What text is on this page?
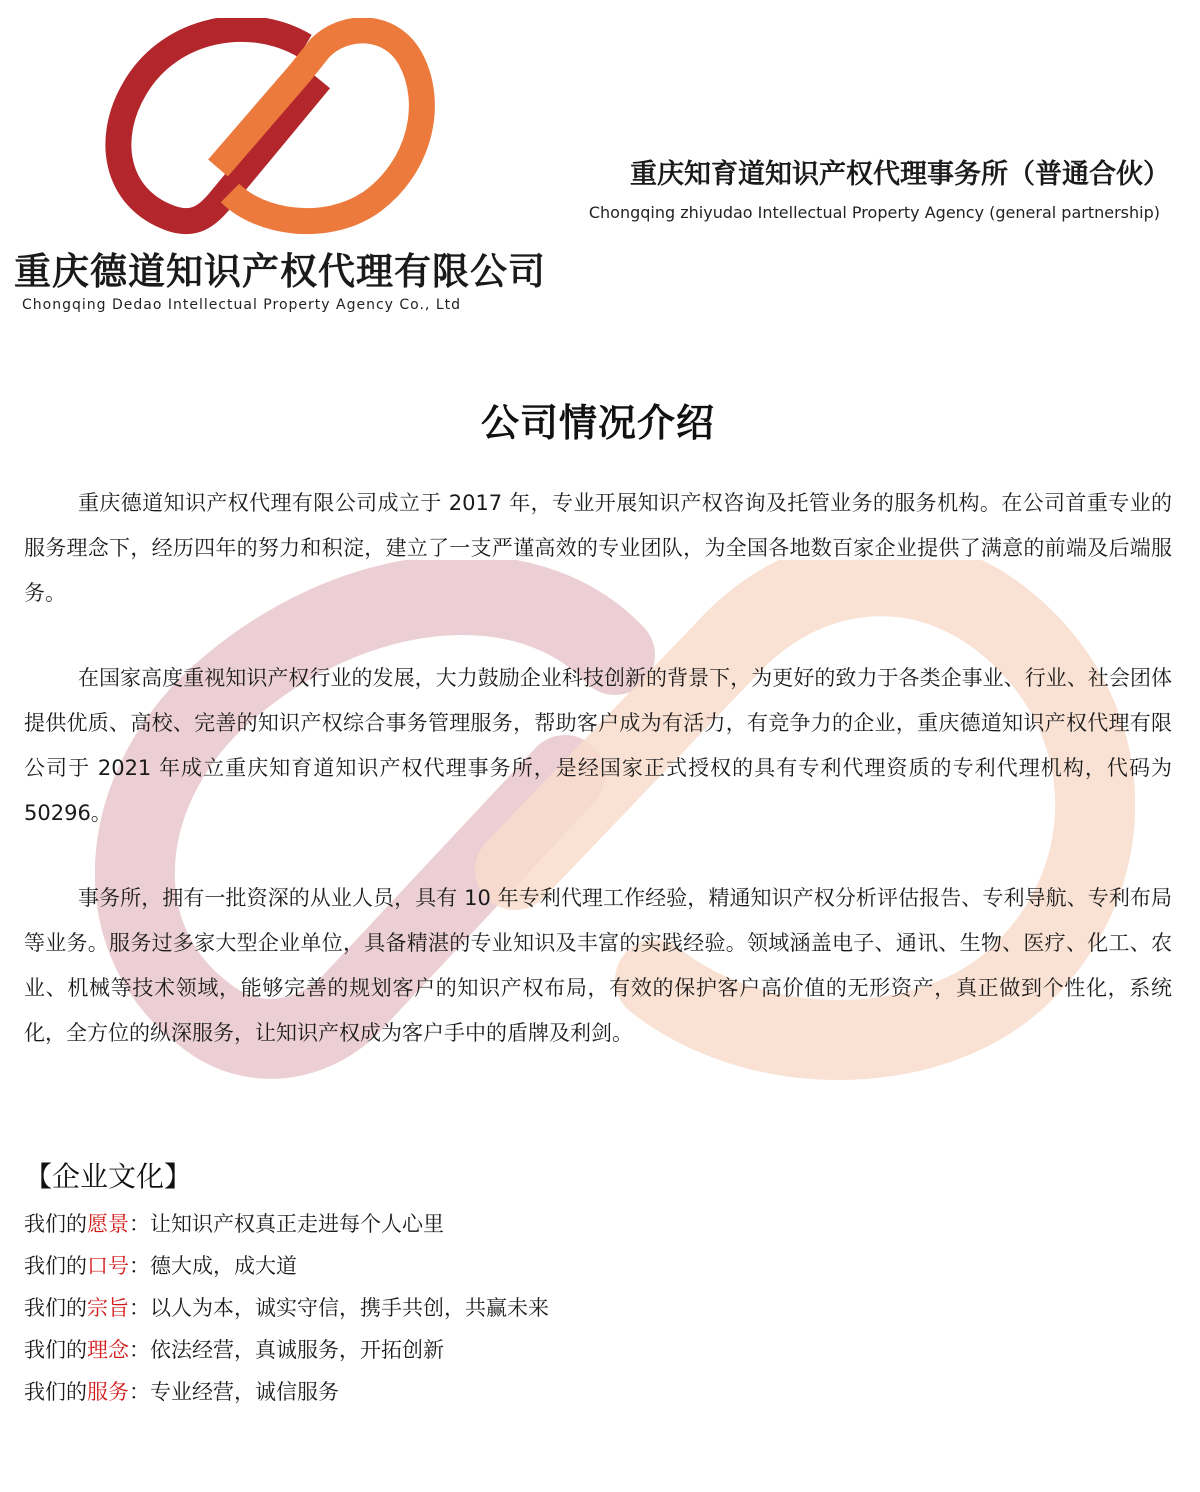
重庆德道知识产权代理有限公司
Chongqing Dedao Intellectual Property Agency Co., Ltd
重庆知育道知识产权代理事务所（普通合伙）
Chongqing zhiyudao Intellectual Property Agency (general partnership)
公司情况介绍

重庆德道知识产权代理有限公司成立于 2017 年，专业开展知识产权咨询及托管业务的服务机构。在公司首重专业的服务理念下，经历四年的努力和积淀，建立了一支严谨高效的专业团队，为全国各地数百家企业提供了满意的前端及后端服务。

在国家高度重视知识产权行业的发展，大力鼓励企业科技创新的背景下，为更好的致力于各类企事业、行业、社会团体提供优质、高校、完善的知识产权综合事务管理服务，帮助客户成为有活力，有竞争力的企业，重庆德道知识产权代理有限公司于 2021 年成立重庆知育道知识产权代理事务所，是经国家正式授权的具有专利代理资质的专利代理机构，代码为 50296。

事务所，拥有一批资深的从业人员，具有 10 年专利代理工作经验，精通知识产权分析评估报告、专利导航、专利布局等业务。服务过多家大型企业单位，具备精湛的专业知识及丰富的实践经验。领域涵盖电子、通讯、生物、医疗、化工、农业、机械等技术领域，能够完善的规划客户的知识产权布局，有效的保护客户高价值的无形资产，真正做到个性化，系统化，全方位的纵深服务，让知识产权成为客户手中的盾牌及利剑。

【企业文化】
我们的愿景：让知识产权真正走进每个人心里
我们的口号：德大成，成大道
我们的宗旨：以人为本，诚实守信，携手共创，共赢未来
我们的理念：依法经营，真诚服务，开拓创新
我们的服务：专业经营，诚信服务
